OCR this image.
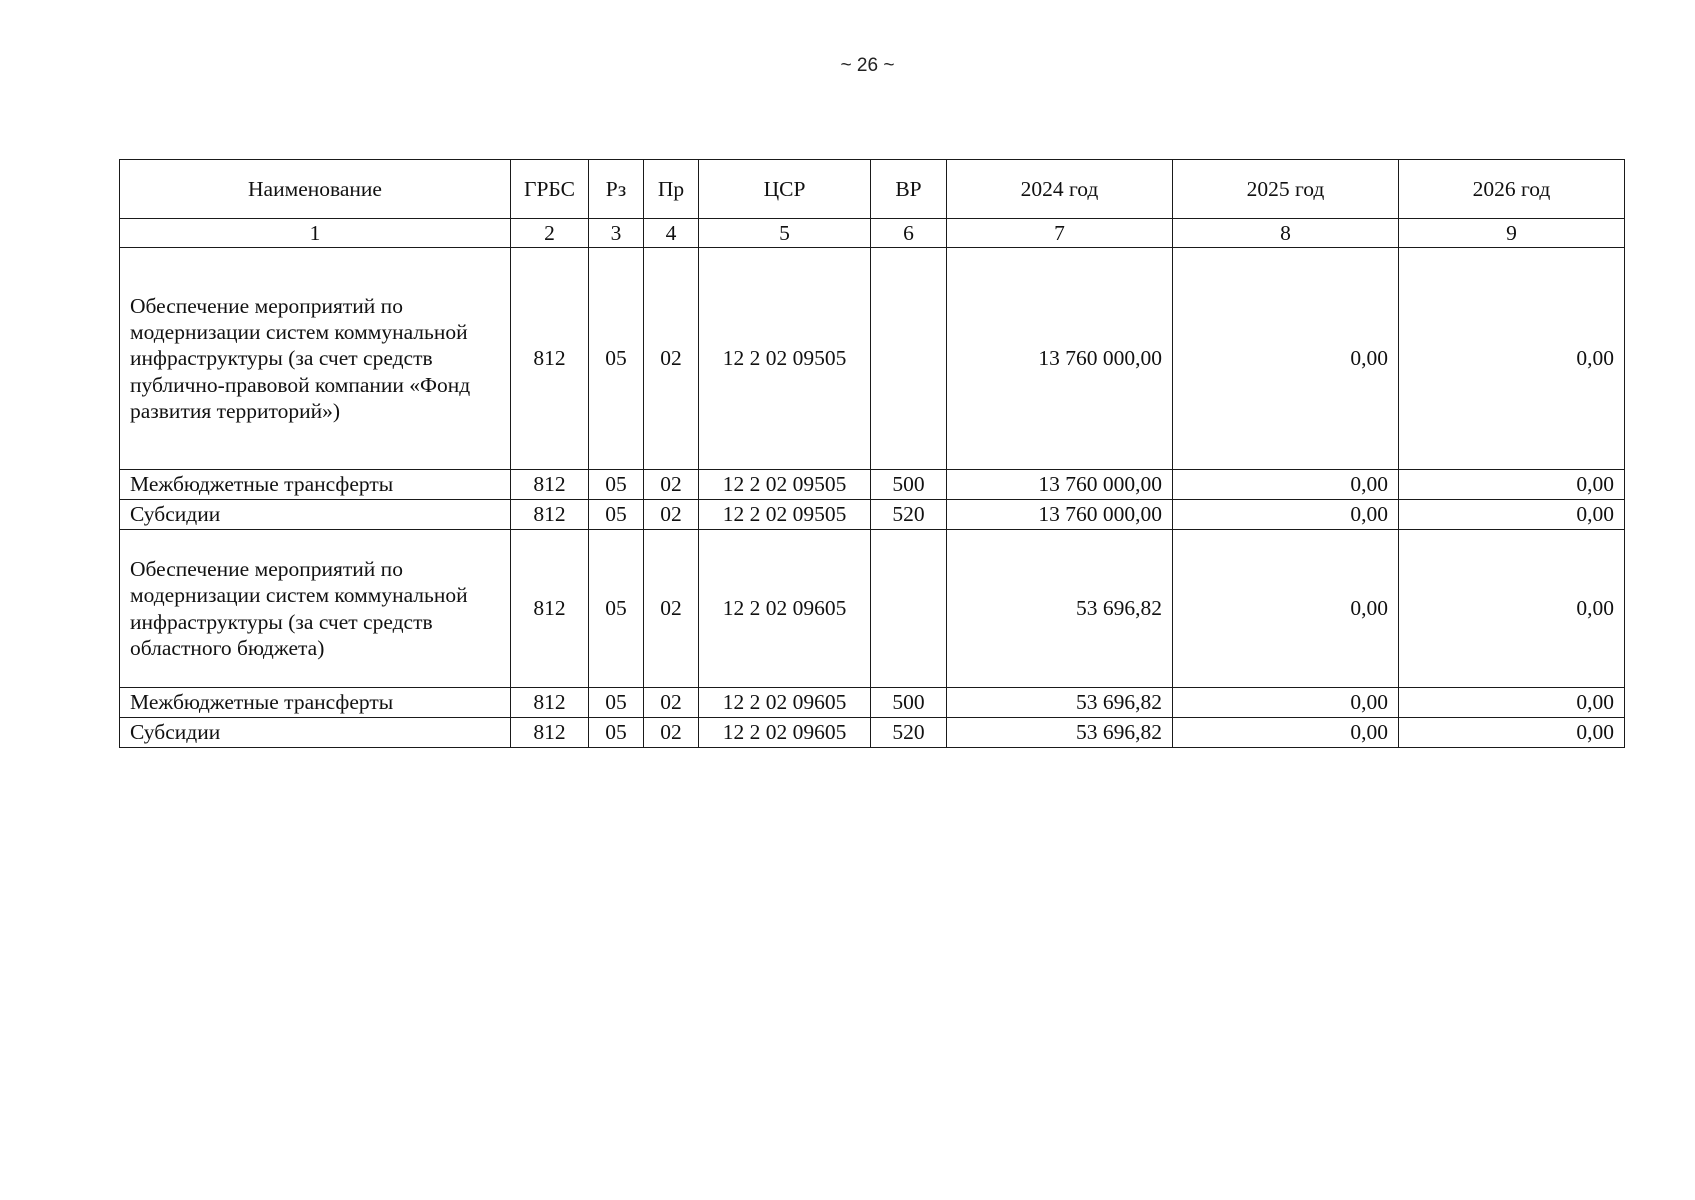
~ 26 ~
Наименование	ГРБС	Рз	Пр	ЦСР	ВР	2024 год	2025 год	2026 год
1	2	3	4	5	6	7	8	9
Обеспечение мероприятий по модернизации систем коммунальной инфраструктуры (за счет средств публично-правовой компании «Фонд развития территорий»)	812	05	02	12 2 02 09505		13 760 000,00	0,00	0,00
Межбюджетные трансферты	812	05	02	12 2 02 09505	500	13 760 000,00	0,00	0,00
Субсидии	812	05	02	12 2 02 09505	520	13 760 000,00	0,00	0,00
Обеспечение мероприятий по модернизации систем коммунальной инфраструктуры (за счет средств областного бюджета)	812	05	02	12 2 02 09605		53 696,82	0,00	0,00
Межбюджетные трансферты	812	05	02	12 2 02 09605	500	53 696,82	0,00	0,00
Субсидии	812	05	02	12 2 02 09605	520	53 696,82	0,00	0,00
